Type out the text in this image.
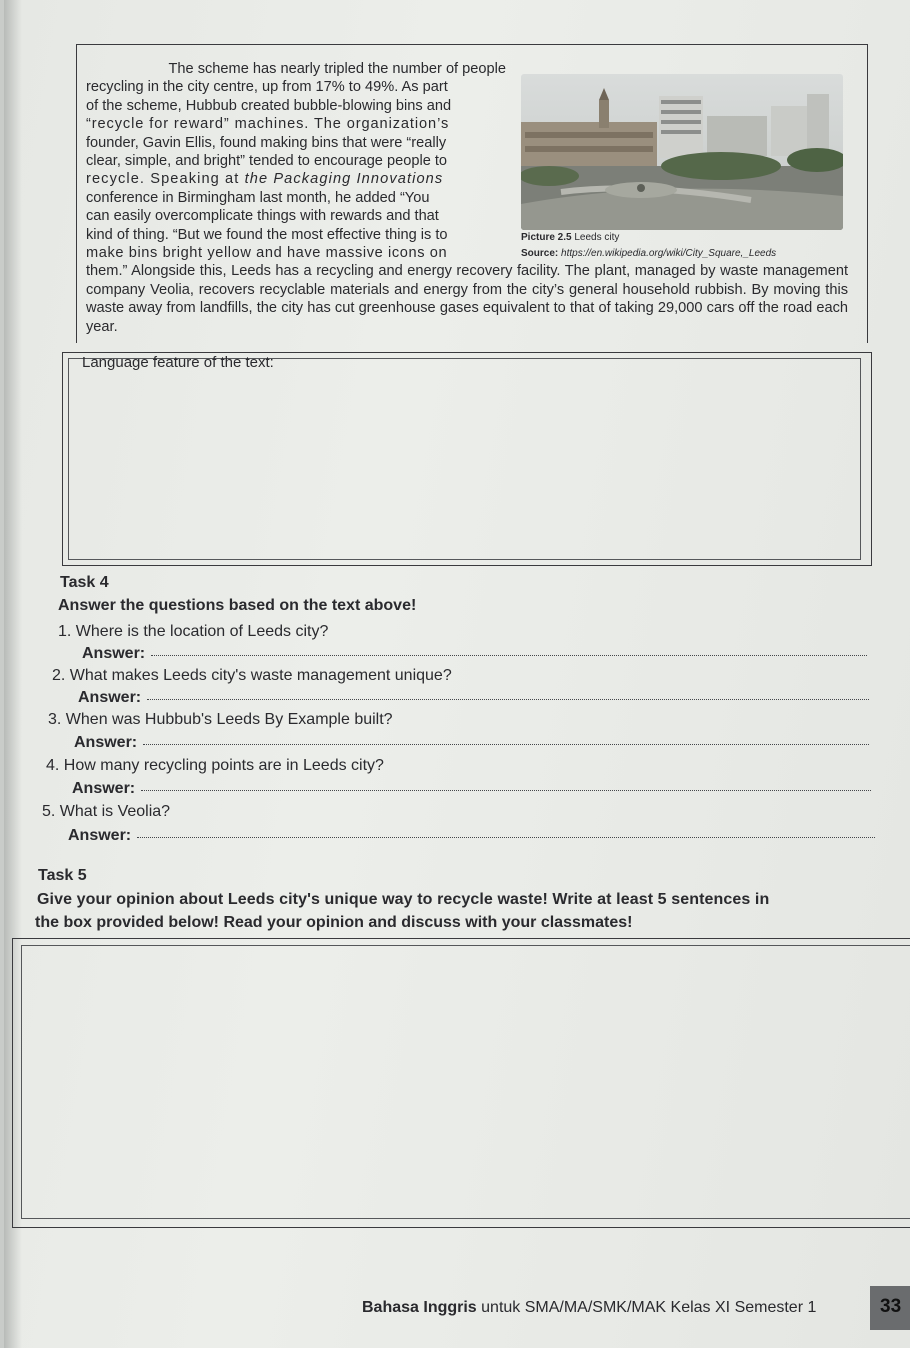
The scheme has nearly tripled the number of people
recycling in the city centre, up from 17% to 49%. As part
of the scheme, Hubbub created bubble-blowing bins and
“recycle for reward” machines. The organization’s
founder, Gavin Ellis, found making bins that were “really
clear, simple, and bright” tended to encourage people to
recycle. Speaking at the Packaging Innovations
conference in Birmingham last month, he added “You
can easily overcomplicate things with rewards and that
kind of thing. “But we found the most effective thing is to
make bins bright yellow and have massive icons on
them.” Alongside this, Leeds has a recycling and energy recovery facility. The plant, managed by waste management company Veolia, recovers recyclable materials and energy from the city’s general household rubbish. By moving this waste away from landfills, the city has cut greenhouse gases equivalent to that of taking 29,000 cars off the road each year.

Picture 2.5 Leeds city
Source: https://en.wikipedia.org/wiki/City_Square,_Leeds
Language feature of the text:
Task 4
Answer the questions based on the text above!
1. Where is the location of Leeds city?
Answer:
2. What makes Leeds city's waste management unique?
Answer:
3. When was Hubbub's Leeds By Example built?
Answer:
4. How many recycling points are in Leeds city?
Answer:
5. What is Veolia?
Answer:
Task 5
Give your opinion about Leeds city's unique way to recycle waste! Write at least 5 sentences in
the box provided below! Read your opinion and discuss with your classmates!
Bahasa Inggris untuk SMA/MA/SMK/MAK Kelas XI Semester 1	33
